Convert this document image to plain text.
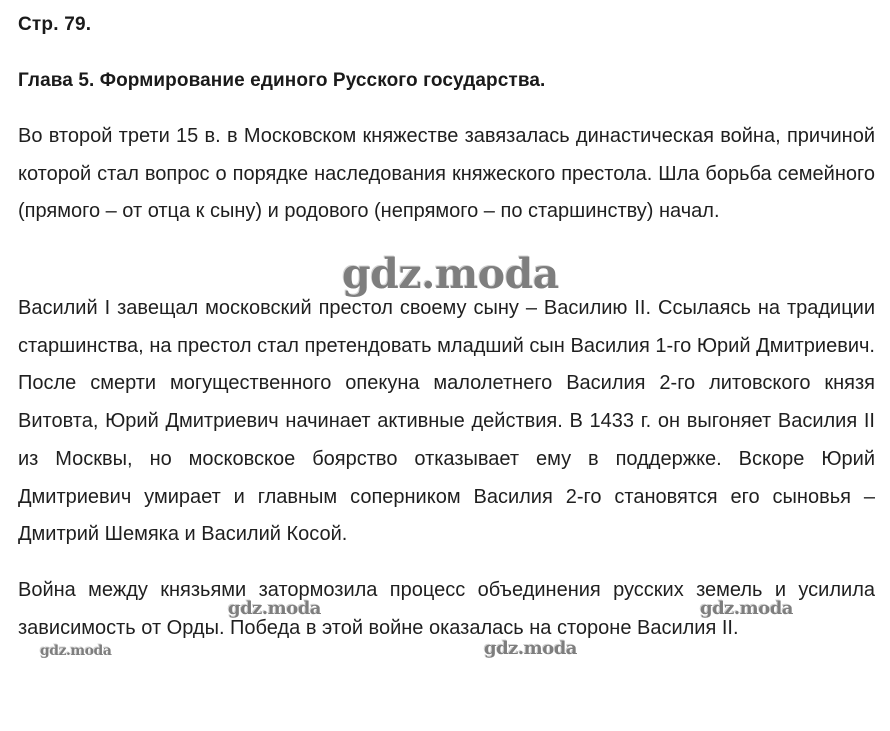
Стр. 79.
Глава 5. Формирование единого Русского государства.

Во второй трети 15 в. в Московском княжестве завязалась династическая война, причиной которой стал вопрос о порядке наследования княжеского престола. Шла борьба семейного (прямого – от отца к сыну) и родового (непрямого – по старшинству) начал.

Василий I завещал московский престол своему сыну – Василию II. Ссылаясь на традиции старшинства, на престол стал претендовать младший сын Василия 1-го Юрий Дмитриевич. После смерти могущественного опекуна малолетнего Василия 2-го литовского князя Витовта, Юрий Дмитриевич начинает активные действия. В 1433 г. он выгоняет Василия II из Москвы, но московское боярство отказывает ему в поддержке. Вскоре Юрий Дмитриевич умирает и главным соперником Василия 2-го становятся его сыновья – Дмитрий Шемяка и Василий Косой.

Война между князьями затормозила процесс объединения русских земель и усилила зависимость от Орды. Победа в этой войне оказалась на стороне Василия II.

gdz.moda
gdz.moda	gdz.moda
gdz.moda
gdz.moda
